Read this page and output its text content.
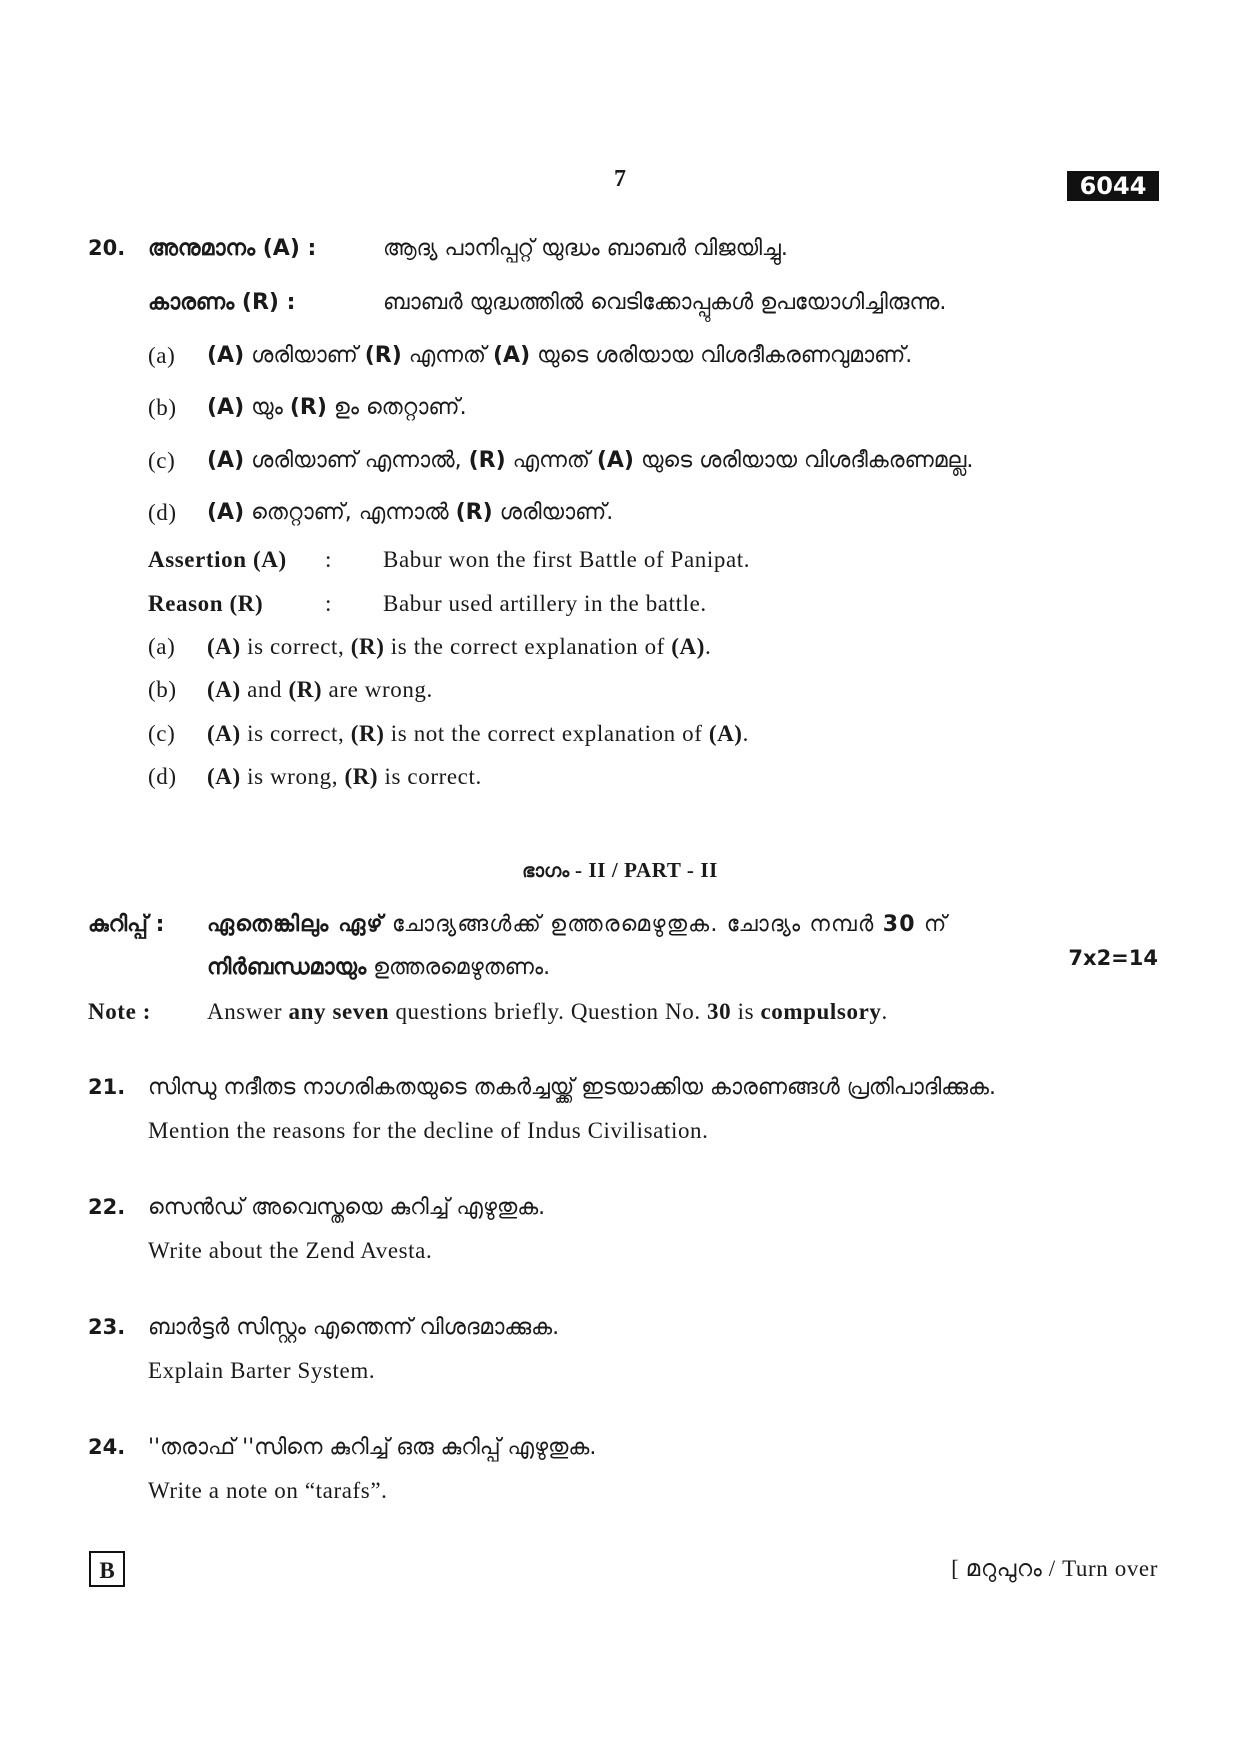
7	6044
20. അനുമാനം (A) :	ആദ്യ പാനിപ്പറ്റ് യുദ്ധം ബാബർ വിജയിച്ചു.
കാരണം (R) :	ബാബർ യുദ്ധത്തിൽ വെടിക്കോപ്പുകൾ ഉപയോഗിച്ചിരുന്നു.
(a) (A) ശരിയാണ് (R) എന്നത് (A) യുടെ ശരിയായ വിശദീകരണവുമാണ്.
(b) (A) യും (R) ഉം തെറ്റാണ്.
(c) (A) ശരിയാണ് എന്നാൽ, (R) എന്നത് (A) യുടെ ശരിയായ വിശദീകരണമല്ല.
(d) (A) തെറ്റാണ്, എന്നാൽ (R) ശരിയാണ്.
Assertion (A) : Babur won the first Battle of Panipat.
Reason (R)	: Babur used artillery in the battle.
(a) (A) is correct, (R) is the correct explanation of (A).
(b) (A) and (R) are wrong.
(c) (A) is correct, (R) is not the correct explanation of (A).
(d) (A) is wrong, (R) is correct.
ഭാഗം - II / PART - II
കുറിപ്പ് : ഏതെങ്കിലും ഏഴ് ചോദ്യങ്ങൾക്ക് ഉത്തരമെഴുതുക. ചോദ്യം നമ്പർ 30 ന്
നിർബന്ധമായും ഉത്തരമെഴുതണം.	7x2=14
Note : Answer any seven questions briefly. Question No. 30 is compulsory.
21. സിന്ധു നദീതട നാഗരികതയുടെ തകർച്ചയ്ക്ക് ഇടയാക്കിയ കാരണങ്ങൾ പ്രതിപാദിക്കുക.
Mention the reasons for the decline of Indus Civilisation.
22. സെൻഡ് അവെസ്തയെ കുറിച്ച് എഴുതുക.
Write about the Zend Avesta.
23. ബാർട്ടർ സിസ്റ്റം എന്തെന്ന് വിശദമാക്കുക.
Explain Barter System.
24. ''തരാഫ് ''സിനെ കുറിച്ച് ഒരു കുറിപ്പ് എഴുതുക.
Write a note on “tarafs”.
B	[ മറുപുറം / Turn over
